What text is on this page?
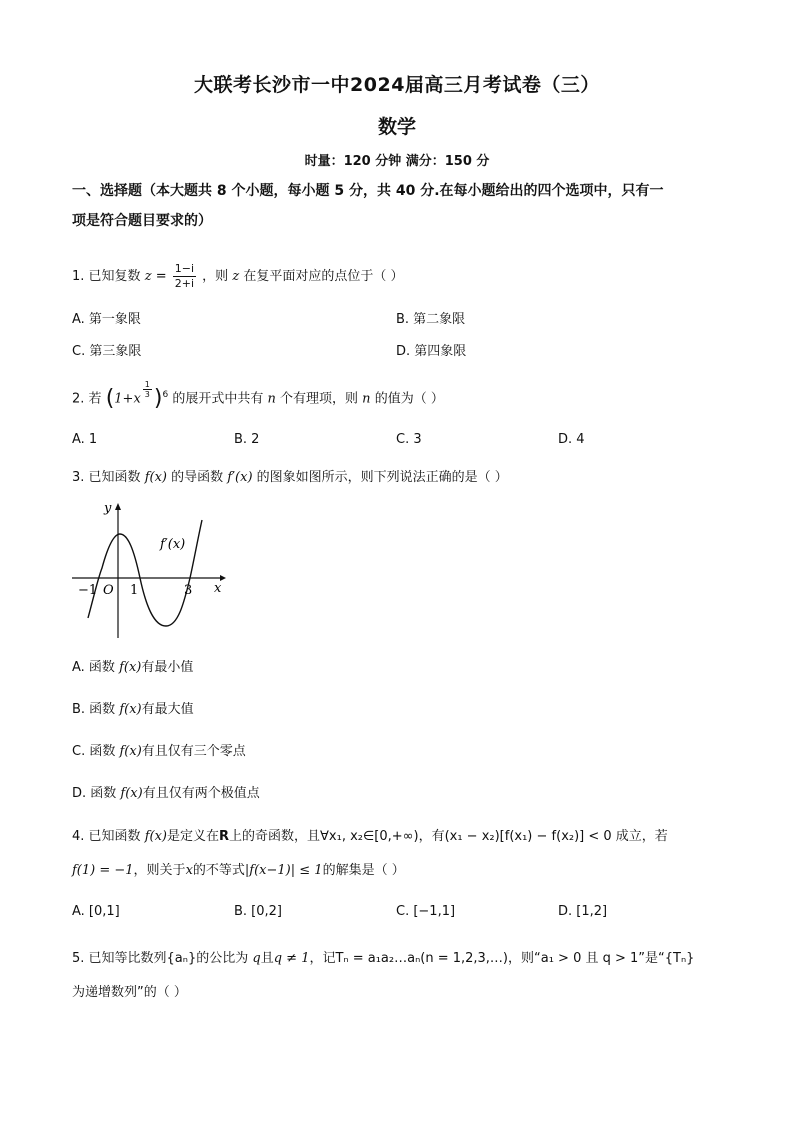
大联考长沙市一中2024届高三月考试卷（三）
数学
时量：120 分钟 满分：150 分
一、选择题（本大题共 8 个小题，每小题 5 分，共 40 分.在每小题给出的四个选项中，只有一
项是符合题目要求的）
1. 已知复数 $z = \frac{1-i}{2+i}$ ，则 z 在复平面对应的点位于（ ）
A. 第一象限	B. 第二象限
C. 第三象限	D. 第四象限
2. 若 (1+x $^{\frac{1}{3}}$ )$^6$ 的展开式中共有 n 个有理项，则 n 的值为（ ）
A. 1	B. 2	C. 3	D. 4
3. 已知函数 f(x) 的导函数 f′(x) 的图象如图所示，则下列说法正确的是（ ）
−1 O 1	3 x
y
f′(x)
A. 函数 f(x)有最小值
B. 函数 f(x)有最大值
C. 函数 f(x)有且仅有三个零点
D. 函数 f(x)有且仅有两个极值点
4. 已知函数 f(x)是定义在R上的奇函数，且∀x₁, x₂∈[0,+∞)，有(x₁ − x₂)[f(x₁) − f(x₂)] < 0 成立，若
f(1) = −1，则关于x的不等式|f(x−1)| ≤ 1的解集是（ ）
A. [0,1]	B. [0,2]	C. [−1,1]	D. [1,2]
5. 已知等比数列{aₙ}的公比为 q且q ≠ 1，记Tₙ = a₁a₂…aₙ(n = 1,2,3,…)，则“a₁ > 0 且 q > 1”是“{Tₙ}
为递增数列”的（ ）
